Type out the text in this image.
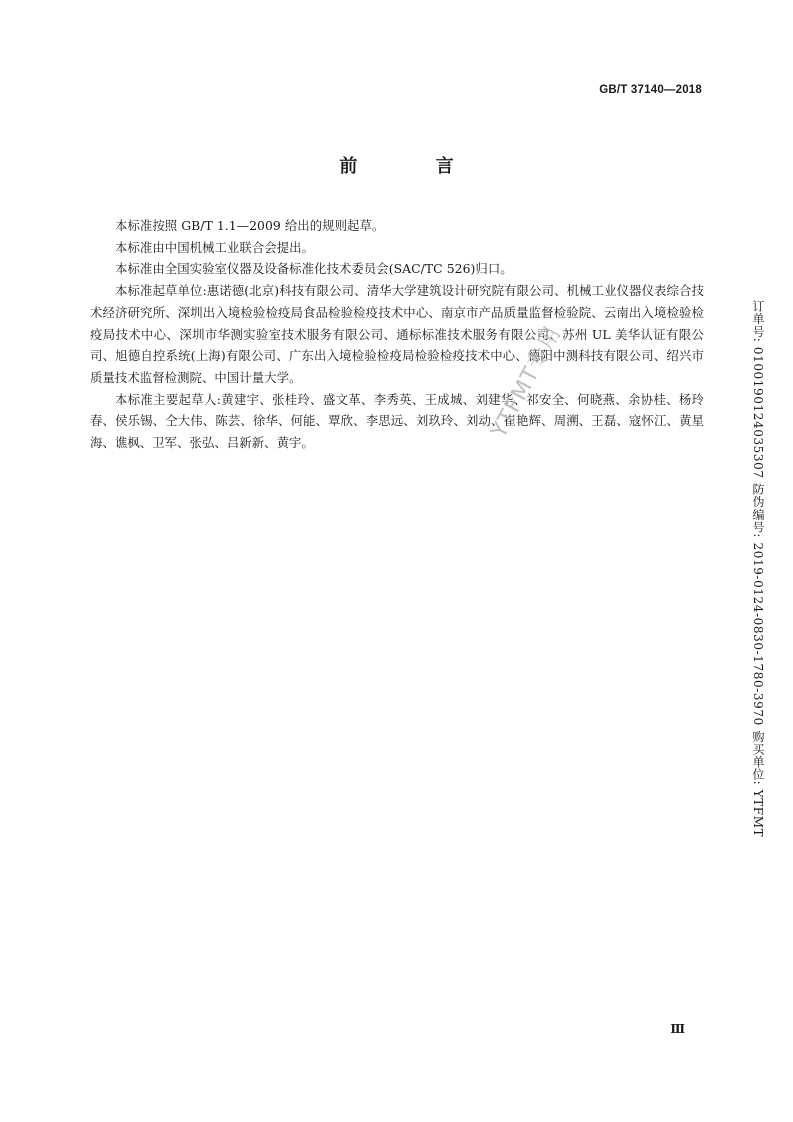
GB/T 37140—2018
前 言

本标准按照 GB/T 1.1—2009 给出的规则起草。

本标准由中国机械工业联合会提出。

本标准由全国实验室仪器及设备标准化技术委员会(SAC/TC 526)归口。

本标准起草单位:惠诺德(北京)科技有限公司、清华大学建筑设计研究院有限公司、机械工业仪器仪表综合技术经济研究所、深圳出入境检验检疫局食品检验检疫技术中心、南京市产品质量监督检验院、云南出入境检验检疫局技术中心、深圳市华测实验室技术服务有限公司、通标标准技术服务有限公司、苏州 UL 美华认证有限公司、旭德自控系统(上海)有限公司、广东出入境检验检疫局检验检疫技术中心、德阳中测科技有限公司、绍兴市质量技术监督检测院、中国计量大学。

本标准主要起草人:黄建宇、张桂玲、盛文革、李秀英、王成城、刘建华、祁安全、何晓燕、余协桂、杨玲春、侯乐锡、仝大伟、陈芸、徐华、何能、覃欣、李思远、刘玖玲、刘动、崔艳辉、周溯、王磊、寇怀江、黄星海、谯枫、卫军、张弘、吕新新、黄宇。

YTFMT专用	订单号: 0100190124035307 防伪编号: 2019-0124-0830-1780-3970 购买单位: YTFMT
Ⅲ
